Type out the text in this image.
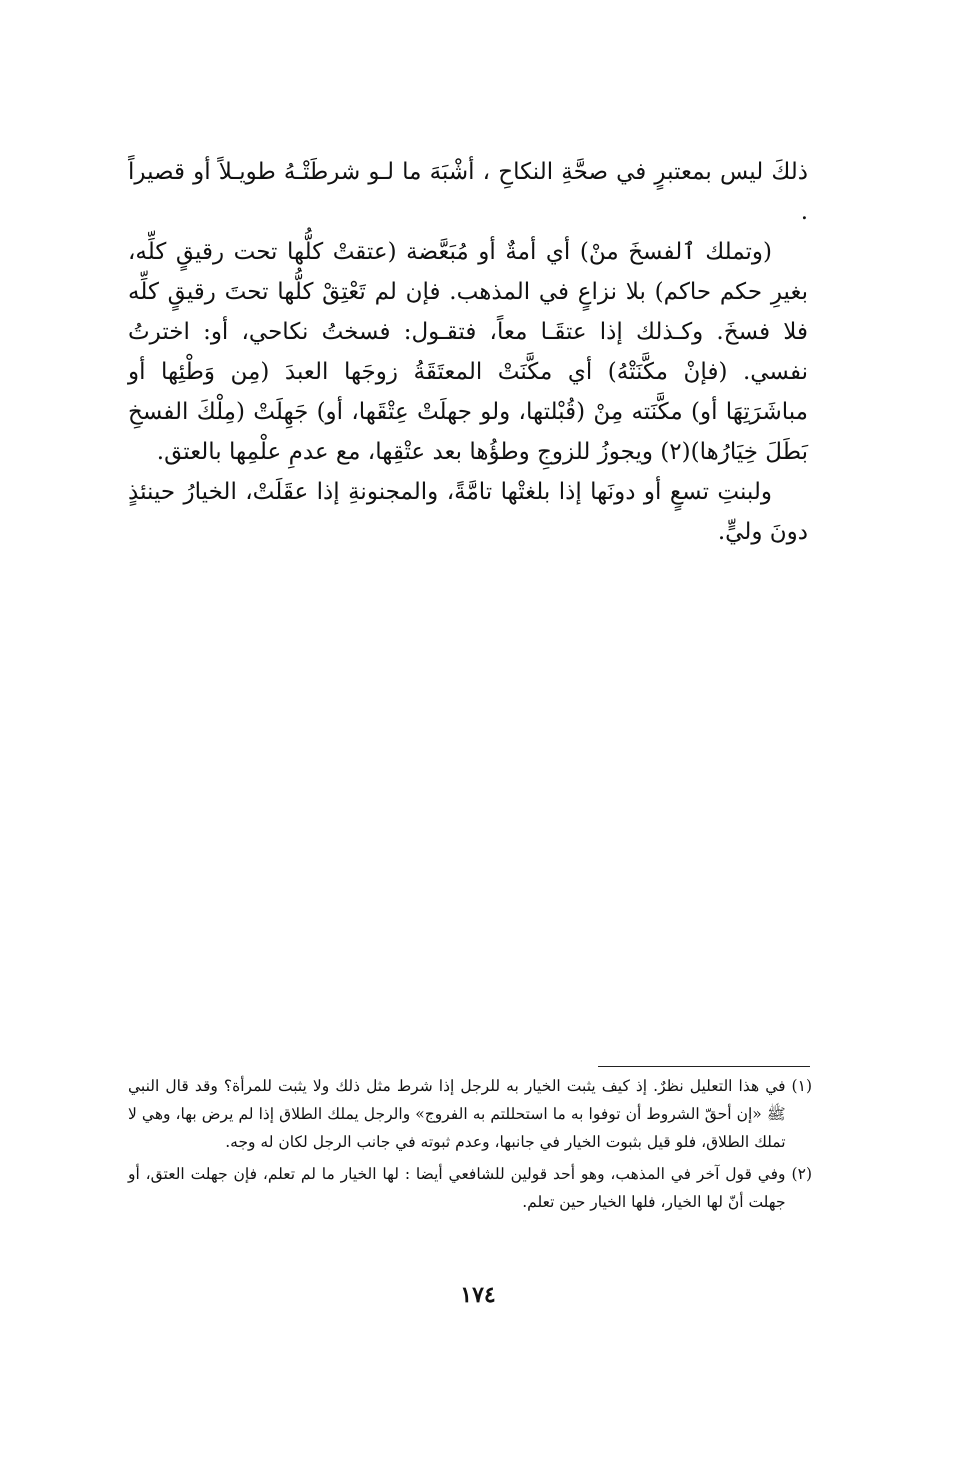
ذلكَ ليس بمعتبرٍ في صحَّةِ النكاحِ ، أشْبَهَ ما لـو شرطَتْـهُ طويـلاً أو قصيراً .

(وتملك ٱلفسخَ منْ) أي أمةٌ أو مُبَعَّضة (عتقتْ كلُّها تحت رقيقٍ كلِّه، بغيرِ حكم حاكم) بلا نزاعٍ في المذهب. فإن لم تَعْتِقْ كلُّها تحتَ رقيقٍ كلِّه فلا فسخَ. وكـذلك إذا عتقَـا معاً، فتقـول: فسختُ نكاحي، أو: اخترتُ نفسي. (فإنْ مكَّنَتْهُ) أي مكَّنَتْ المعتَقَةُ زوجَها العبدَ (مِن وَطْئِها أو مباشَرَتِهَا أو) مكَّنَته مِنْ (قُبْلتها، ولو جهلَتْ عِتْقَها، أو) جَهِلَتْ (مِلْكَ الفسخِ بَطَلَ خِيَارُها)(٢) ويجوزُ للزوجِ وطؤُها بعد عتْقِها، مع عدمِ علْمِها بالعتق.

ولبنتِ تسعٍ أو دونَها إذا بلغتْها تامَّةً، والمجنونةِ إذا عقَلَتْ، الخيارُ حينئذٍ دونَ وليٍّ.

(١)
في هذا التعليل نظرٌ. إذ كيف يثبت الخيار به للرجل إذا شرط مثل ذلك ولا يثبت للمرأة؟ وقد قال النبي ﷺ «إن أحقّ الشروط أن توفوا به ما استحللتم به الفروج» والرجل يملك الطلاق إذا لم يرض بها، وهي لا تملك الطلاق، فلو قيل بثبوت الخيار في جانبها، وعدم ثبوته في جانب الرجل لكان له وجه.
(٢)
وفي قول آخر في المذهب، وهو أحد قولين للشافعي أيضا : لها الخيار ما لم تعلم، فإن جهلت العتق، أو جهلت أنّ لها الخيار، فلها الخيار حين تعلم.
١٧٤
